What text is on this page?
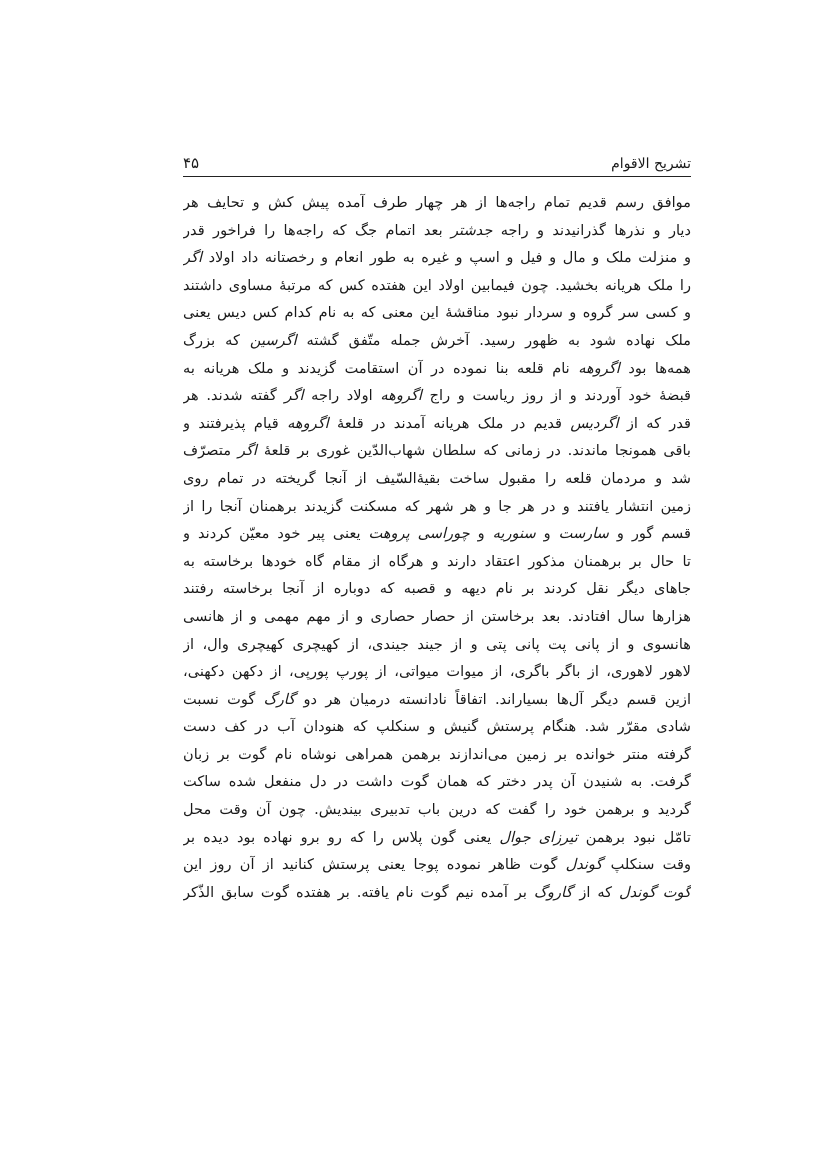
تشریح الاقوام
۴۵
موافق رسم قدیم تمام راجه‌ها از هر چهار طرف آمده پیش کش و تحایف هر
دیار و نذرها گذرانیدند و راجه جدشتر بعد اتمام جگ که راجه‌ها را فراخور قدر
و منزلت ملک و مال و فیل و اسپ و غیره به طور انعام و رخصتانه داد اولاد اگر
را ملک هریانه بخشید. چون فیمابین اولاد این هفتده کس که مرتبهٔ مساوی داشتند
و کسی سر گروه و سردار نبود مناقشهٔ این معنی که به نام کدام کس دیس یعنی
ملک نهاده شود به ظهور رسید. آخرش جمله متّفق گشته اگرسین که بزرگ
همه‌ها بود اگروهه نام قلعه بنا نموده در آن استقامت گزیدند و ملک هریانه به
قبضهٔ خود آوردند و از روز ریاست و راج اگروهه اولاد راجه اگر گفته شدند. هر
قدر که از اگردیس قدیم در ملک هریانه آمدند در قلعهٔ اگروهه قیام پذیرفتند و
باقی همونجا ماندند. در زمانی که سلطان شهاب‌الدّین غوری بر قلعهٔ اگر متصرّف
شد و مردمان قلعه را مقبول ساخت بقیهٔ‌السّیف از آنجا گریخته در تمام روی
زمین انتشار یافتند و در هر جا و هر شهر که مسکنت گزیدند برهمنان آنجا را از
قسم گور و سارست و سنوریه و چوراسی پروهت یعنی پیر خود معیّن کردند و
تا حال بر برهمنان مذکور اعتقاد دارند و هرگاه از مقام گاه خودها برخاسته به
جاهای دیگر نقل کردند بر نام دیهه و قصبه که دوباره از آنجا برخاسته رفتند
هزارها سال افتادند. بعد برخاستن از حصار حصاری و از مهم مهمی و از هانسی
هانسوی و از پانی پت پانی پتی و از جیند جیندی، از کهیچری کهیچری وال، از
لاهور لاهوری، از باگر باگری، از میوات میواتی، از پورپ پورپی، از دکهن دکهنی،
ازین قسم دیگر آل‌ها بسیاراند. اتفاقاً نادانسته درمیان هر دو گارگ گوت نسبت
شادی مقرّر شد. هنگام پرستش گنیش و سنکلپ که هنودان آب در کف دست
گرفته منتر خوانده بر زمین می‌اندازند برهمن همراهی نوشاه نام گوت بر زبان
گرفت. به شنیدن آن پدر دختر که همان گوت داشت در دل منفعل شده ساکت
گردید و برهمن خود را گفت که درین باب تدبیری بیندیش. چون آن وقت محل
تامّل نبود برهمن تیرزای جوال یعنی گون پلاس را که رو برو نهاده بود دیده بر
وقت سنکلپ گوندل گوت ظاهر نموده پوجا یعنی پرستش کنانید از آن روز این
گوت گوندل که از گاروگ بر آمده نیم گوت نام یافته. بر هفتده گوت سابق الذّکر
